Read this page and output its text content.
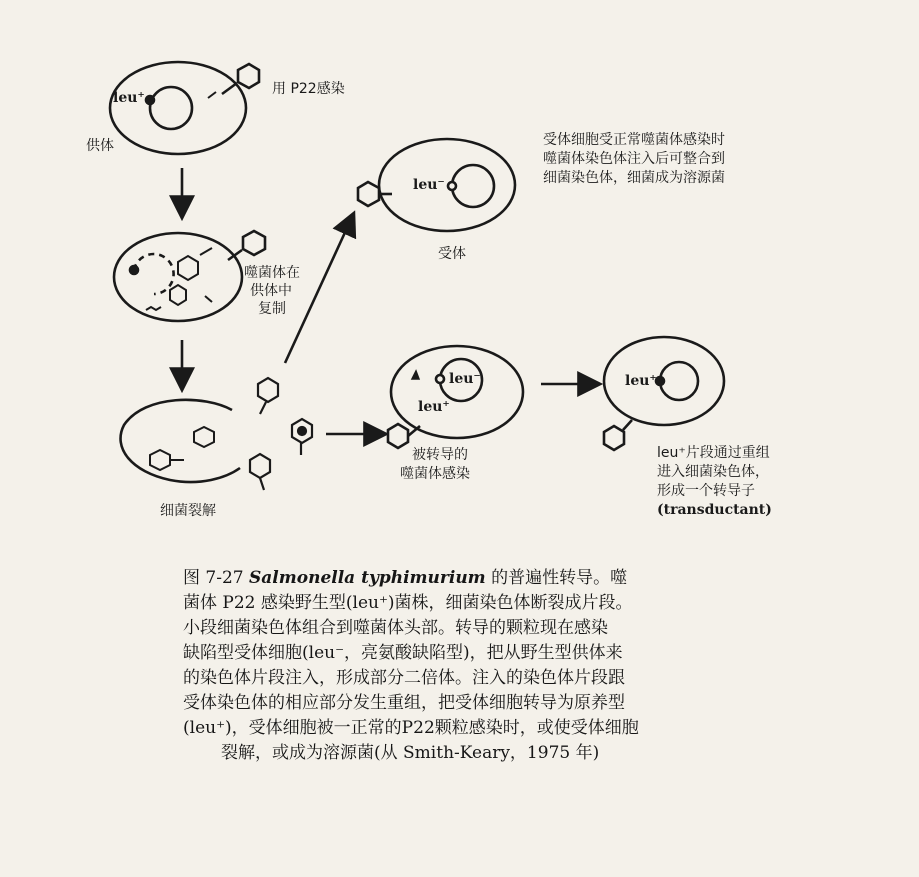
leu⁺
用 P22感染
供体
噬菌体在
供体中
复制
细菌裂解
leu⁻
受体
受体细胞受正常噬菌体感染时
噬菌体染色体注入后可整合到
细菌染色体，细菌成为溶源菌
leu⁻
leu⁺
被转导的
噬菌体感染
leu⁺
leu⁺片段通过重组
进入细菌染色体，
形成一个转导子
(transductant)
图 7-27 Salmonella typhimurium 的普遍性转导。噬
菌体 P22 感染野生型(leu⁺)菌株，细菌染色体断裂成片段。
小段细菌染色体组合到噬菌体头部。转导的颗粒现在感染
缺陷型受体细胞(leu⁻，亮氨酸缺陷型)，把从野生型供体来
的染色体片段注入，形成部分二倍体。注入的染色体片段跟
受体染色体的相应部分发生重组，把受体细胞转导为原养型
(leu⁺)，受体细胞被一正常的P22颗粒感染时，或使受体细胞
裂解，或成为溶源菌(从 Smith-Keary，1975 年)
